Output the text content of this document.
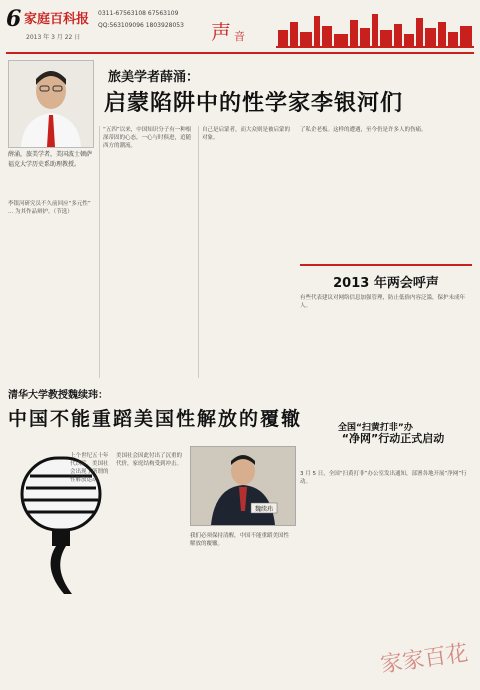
6 家庭百科报 0311-67563108 67563109
QQ:563109096 1803928053
2013 年 3 月 22 日	声 音
薛涌，旅美学者，美国波士顿萨福克大学历史系助理教授。
旅美学者薛涌：
启蒙陷阱中的性学家李银河们
李银河研究员不久前回应“多元性” ... 为其作品辩护。（节选）
“五四”以来，中国知识分子有一种根深蒂固的心态，一心与时俱进，追随西方的潮流。
自己是启蒙者，而大众则是被启蒙的对象。
了私企老板。这样的遭遇，至今仍是许多人的伤痛。
2013 年两会呼声
有些代表建议对网络信息加强管理，防止低俗内容泛滥，保护未成年人。
全国“扫黄打非”办
“净网”行动正式启动
3 月 5 日，全国“扫黄打非”办公室发出通知，部署各地开展“净网”行动。
清华大学教授魏续玮：
中国不能重蹈美国性解放的覆辙
上个世纪五十年代以后，美国社会出现了所谓的性解放运动。
美国社会因此付出了沉重的代价，家庭结构受到冲击。
魏续玮
我们必须保持清醒，中国不能重蹈美国性解放的覆辙。
家家百花
